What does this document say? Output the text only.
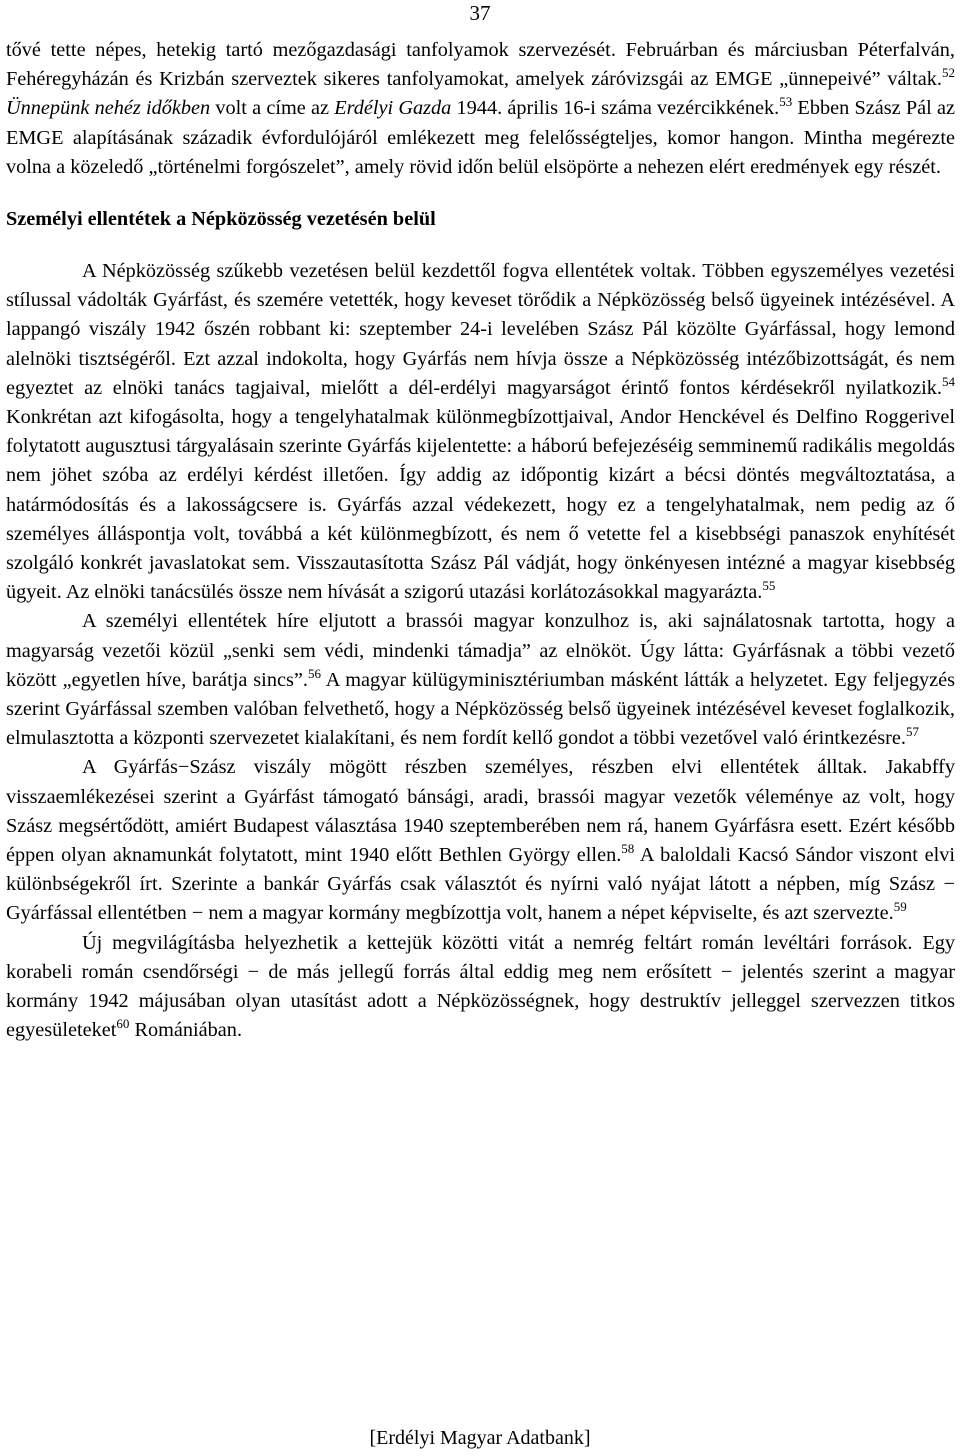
37

tővé tette népes, hetekig tartó mezőgazdasági tanfolyamok szervezését. Februárban és márciusban Péterfalván, Fehéregyházán és Krizbán szerveztek sikeres tanfolyamokat, amelyek záróvizsgái az EMGE „ünnepeivé” váltak.$^{52}$ Ünnepünk nehéz időkben volt a címe az Erdélyi Gazda 1944. április 16-i száma vezércikkének.$^{53}$ Ebben Szász Pál az EMGE alapításának századik évfordulójáról emlékezett meg felelősségteljes, komor hangon. Mintha megérezte volna a közeledő „történelmi forgószelet”, amely rövid időn belül elsöpörte a nehezen elért eredmények egy részét.

Személyi ellentétek a Népközösség vezetésén belül

A Népközösség szűkebb vezetésen belül kezdettől fogva ellentétek voltak. Többen egyszemélyes vezetési stílussal vádolták Gyárfást, és szemére vetették, hogy keveset törődik a Népközösség belső ügyeinek intézésével. A lappangó viszály 1942 őszén robbant ki: szeptember 24-i levelében Szász Pál közölte Gyárfással, hogy lemond alelnöki tisztségéről. Ezt azzal indokolta, hogy Gyárfás nem hívja össze a Népközösség intézőbizottságát, és nem egyeztet az elnöki tanács tagjaival, mielőtt a dél-erdélyi magyarságot érintő fontos kérdésekről nyilatkozik.$^{54}$ Konkrétan azt kifogásolta, hogy a tengelyhatalmak különmegbízottjaival, Andor Henckével és Delfino Roggerivel folytatott augusztusi tárgyalásain szerinte Gyárfás kijelentette: a háború befejezéséig semminemű radikális megoldás nem jöhet szóba az erdélyi kérdést illetően. Így addig az időpontig kizárt a bécsi döntés megváltoztatása, a határmódosítás és a lakosságcsere is. Gyárfás azzal védekezett, hogy ez a tengelyhatalmak, nem pedig az ő személyes álláspontja volt, továbbá a két különmegbízott, és nem ő vetette fel a kisebbségi panaszok enyhítését szolgáló konkrét javaslatokat sem. Visszautasította Szász Pál vádját, hogy önkényesen intézné a magyar kisebbség ügyeit. Az elnöki tanácsülés össze nem hívását a szigorú utazási korlátozásokkal magyarázta.$^{55}$

A személyi ellentétek híre eljutott a brassói magyar konzulhoz is, aki sajnálatosnak tartotta, hogy a magyarság vezetői közül „senki sem védi, mindenki támadja” az elnököt. Úgy látta: Gyárfásnak a többi vezető között „egyetlen híve, barátja sincs”.$^{56}$ A magyar külügyminisztériumban másként látták a helyzetet. Egy feljegyzés szerint Gyárfással szemben valóban felvethető, hogy a Népközösség belső ügyeinek intézésével keveset foglalkozik, elmulasztotta a központi szervezetet kialakítani, és nem fordít kellő gondot a többi vezetővel való érintkezésre.$^{57}$

A Gyárfás−Szász viszály mögött részben személyes, részben elvi ellentétek álltak. Jakabffy visszaemlékezései szerint a Gyárfást támogató bánsági, aradi, brassói magyar vezetők véleménye az volt, hogy Szász megsértődött, amiért Budapest választása 1940 szeptemberében nem rá, hanem Gyárfásra esett. Ezért később éppen olyan aknamunkát folytatott, mint 1940 előtt Bethlen György ellen.$^{58}$ A baloldali Kacsó Sándor viszont elvi különbségekről írt. Szerinte a bankár Gyárfás csak választót és nyírni való nyájat látott a népben, míg Szász − Gyárfással ellentétben − nem a magyar kormány megbízottja volt, hanem a népet képviselte, és azt szervezte.$^{59}$

Új megvilágításba helyezhetik a kettejük közötti vitát a nemrég feltárt román levéltári források. Egy korabeli román csendőrségi − de más jellegű forrás által eddig meg nem erősített − jelentés szerint a magyar kormány 1942 májusában olyan utasítást adott a Népközösségnek, hogy destruktív jelleggel szervezzen titkos egyesületeket$^{60}$ Romániában.

[Erdélyi Magyar Adatbank]
